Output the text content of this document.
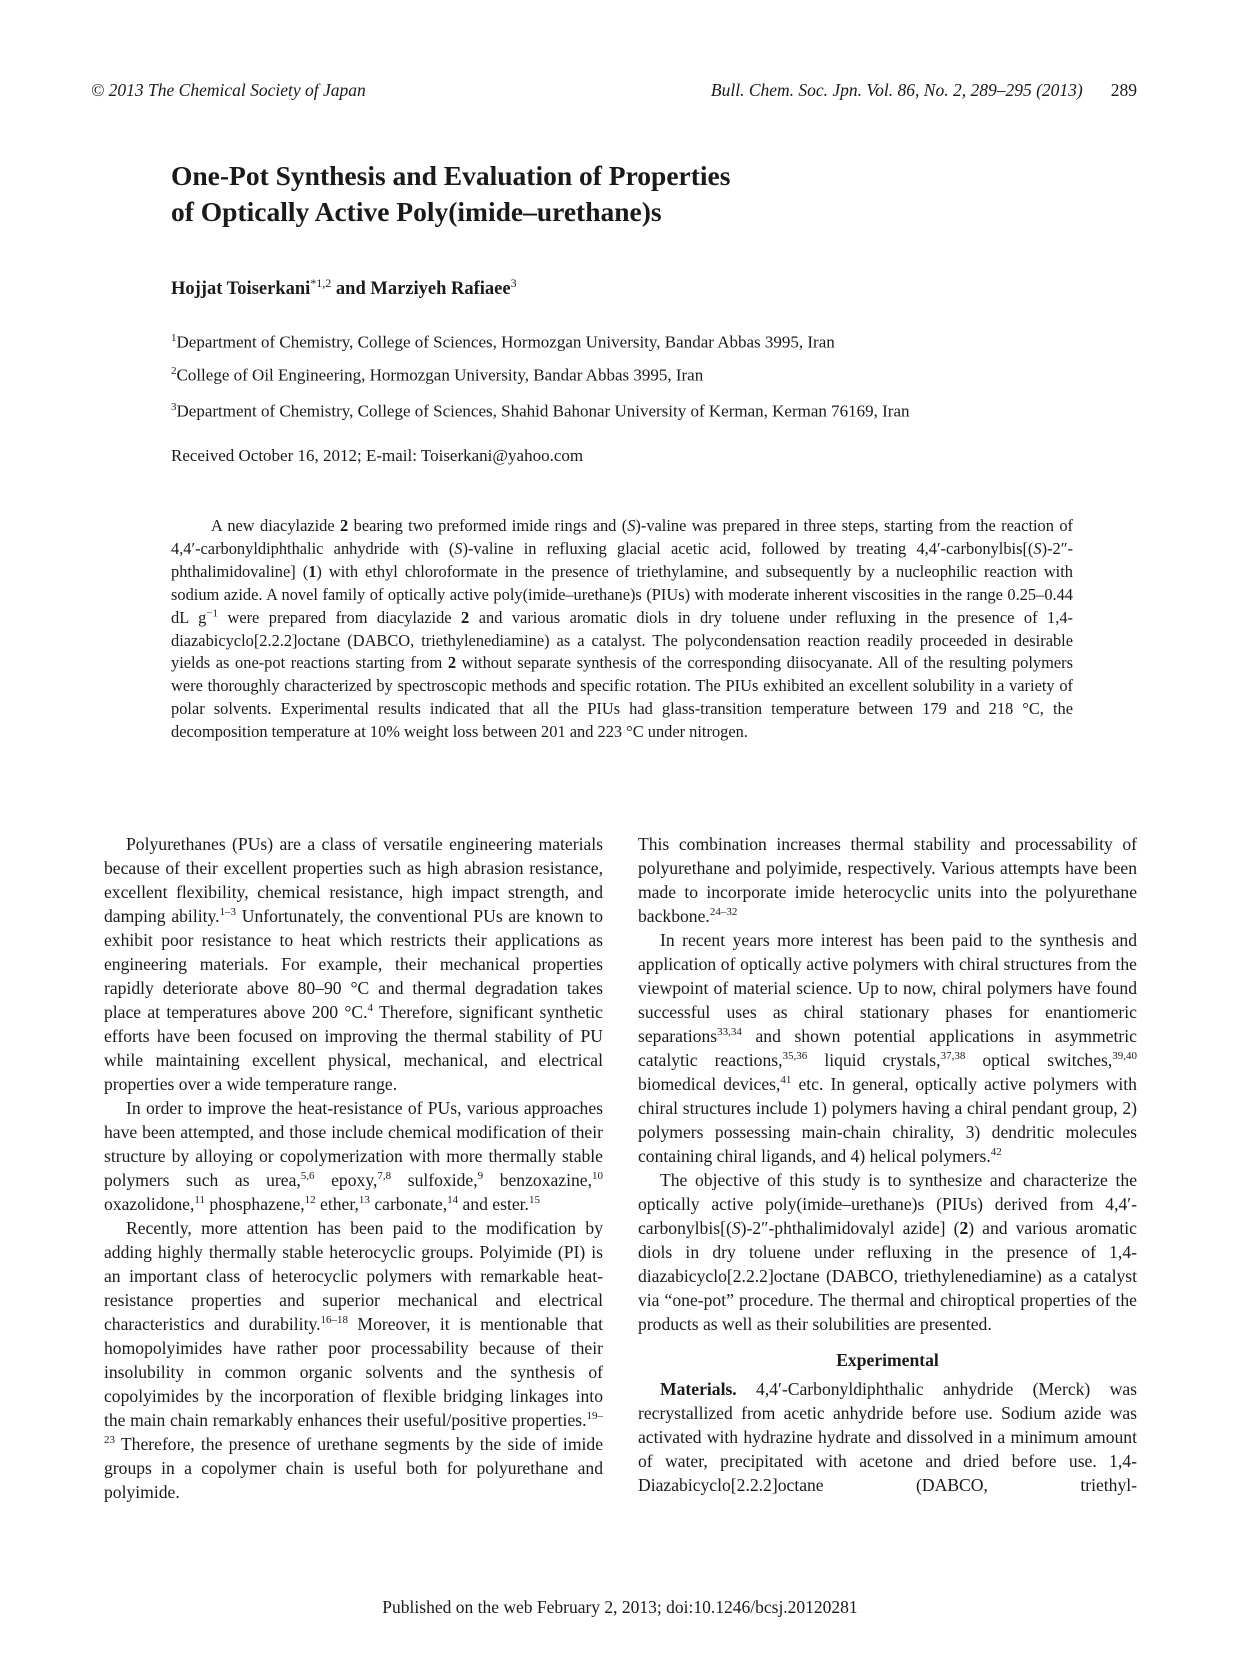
© 2013 The Chemical Society of Japan	Bull. Chem. Soc. Jpn. Vol. 86, No. 2, 289–295 (2013) 289
One-Pot Synthesis and Evaluation of Properties
of Optically Active Poly(imide–urethane)s
Hojjat Toiserkani$^{*1,2}$ and Marziyeh Rafiaee$^3$
$^1$Department of Chemistry, College of Sciences, Hormozgan University, Bandar Abbas 3995, Iran
$^2$College of Oil Engineering, Hormozgan University, Bandar Abbas 3995, Iran
$^3$Department of Chemistry, College of Sciences, Shahid Bahonar University of Kerman, Kerman 76169, Iran
Received October 16, 2012; E-mail: Toiserkani@yahoo.com
A new diacylazide 2 bearing two preformed imide rings and (S)-valine was prepared in three steps, starting from the reaction of 4,4′-carbonyldiphthalic anhydride with (S)-valine in refluxing glacial acetic acid, followed by treating 4,4′-carbonylbis[(S)-2″-phthalimidovaline] (1) with ethyl chloroformate in the presence of triethylamine, and subsequently by a nucleophilic reaction with sodium azide. A novel family of optically active poly(imide–urethane)s (PIUs) with moderate inherent viscosities in the range 0.25–0.44 dL $g^{-1}$ were prepared from diacylazide 2 and various aromatic diols in dry toluene under refluxing in the presence of 1,4-diazabicyclo[2.2.2]octane (DABCO, triethylenediamine) as a catalyst. The polycondensation reaction readily proceeded in desirable yields as one-pot reactions starting from 2 without separate synthesis of the corresponding diisocyanate. All of the resulting polymers were thoroughly characterized by spectroscopic methods and specific rotation. The PIUs exhibited an excellent solubility in a variety of polar solvents. Experimental results indicated that all the PIUs had glass-transition temperature between 179 and 218 °C, the decomposition temperature at 10% weight loss between 201 and 223 °C under nitrogen.

Polyurethanes (PUs) are a class of versatile engineering materials because of their excellent properties such as high abrasion resistance, excellent flexibility, chemical resistance, high impact strength, and damping ability.$^{1-3}$ Unfortunately, the conventional PUs are known to exhibit poor resistance to heat which restricts their applications as engineering materials. For example, their mechanical properties rapidly deteriorate above 80–90 °C and thermal degradation takes place at temperatures above 200 °C.$^4$ Therefore, significant synthetic efforts have been focused on improving the thermal stability of PU while maintaining excellent physical, mechanical, and electrical properties over a wide temperature range.

In order to improve the heat-resistance of PUs, various approaches have been attempted, and those include chemical modification of their structure by alloying or copolymerization with more thermally stable polymers such as urea,$^{5,6}$ epoxy,$^{7,8}$ sulfoxide,$^9$ benzoxazine,$^{10}$ oxazolidone,$^{11}$ phosphazene,$^{12}$ ether,$^{13}$ carbonate,$^{14}$ and ester.$^{15}$

Recently, more attention has been paid to the modification by adding highly thermally stable heterocyclic groups. Polyimide (PI) is an important class of heterocyclic polymers with remarkable heat-resistance properties and superior mechanical and electrical characteristics and durability.$^{16-18}$ Moreover, it is mentionable that homopolyimides have rather poor processability because of their insolubility in common organic solvents and the synthesis of copolyimides by the incorporation of flexible bridging linkages into the main chain remarkably enhances their useful/positive properties.$^{19-23}$ Therefore, the presence of urethane segments by the side of imide groups in a copolymer chain is useful both for polyurethane and polyimide.

This combination increases thermal stability and processability of polyurethane and polyimide, respectively. Various attempts have been made to incorporate imide heterocyclic units into the polyurethane backbone.$^{24-32}$

In recent years more interest has been paid to the synthesis and application of optically active polymers with chiral structures from the viewpoint of material science. Up to now, chiral polymers have found successful uses as chiral stationary phases for enantiomeric separations$^{33,34}$ and shown potential applications in asymmetric catalytic reactions,$^{35,36}$ liquid crystals,$^{37,38}$ optical switches,$^{39,40}$ biomedical devices,$^{41}$ etc. In general, optically active polymers with chiral structures include 1) polymers having a chiral pendant group, 2) polymers possessing main-chain chirality, 3) dendritic molecules containing chiral ligands, and 4) helical polymers.$^{42}$

The objective of this study is to synthesize and characterize the optically active poly(imide–urethane)s (PIUs) derived from 4,4′-carbonylbis[(S)-2″-phthalimidovalyl azide] (2) and various aromatic diols in dry toluene under refluxing in the presence of 1,4-diazabicyclo[2.2.2]octane (DABCO, triethylenediamine) as a catalyst via “one-pot” procedure. The thermal and chiroptical properties of the products as well as their solubilities are presented.

Experimental

Materials. 4,4′-Carbonyldiphthalic anhydride (Merck) was recrystallized from acetic anhydride before use. Sodium azide was activated with hydrazine hydrate and dissolved in a minimum amount of water, precipitated with acetone and dried before use. 1,4-Diazabicyclo[2.2.2]octane (DABCO, triethyl-

Published on the web February 2, 2013; doi:10.1246/bcsj.20120281
